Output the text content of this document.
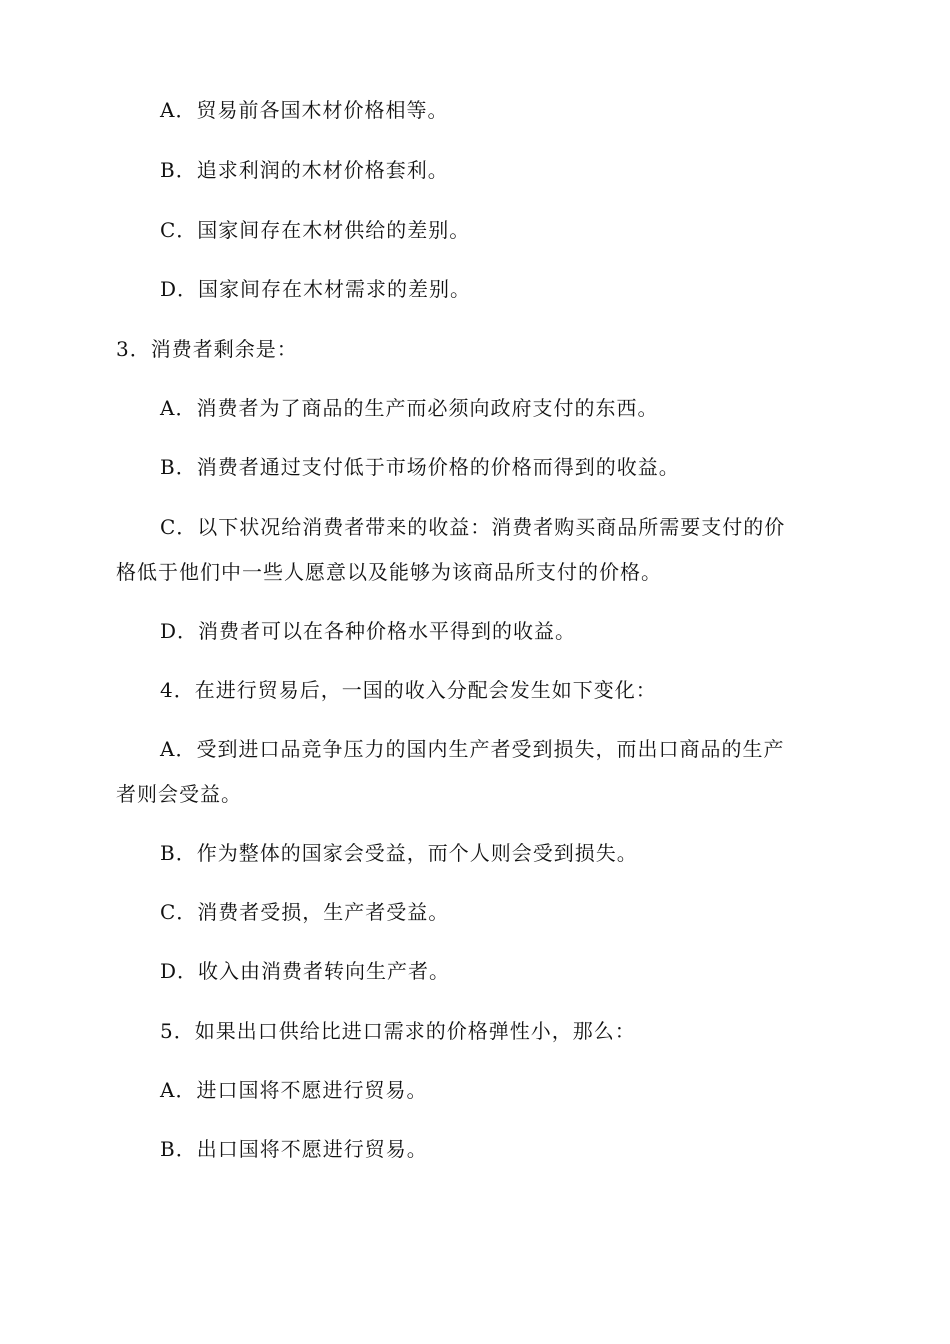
A．贸易前各国木材价格相等。
B．追求利润的木材价格套利。
C．国家间存在木材供给的差别。
D．国家间存在木材需求的差别。
3．消费者剩余是：
A．消费者为了商品的生产而必须向政府支付的东西。
B．消费者通过支付低于市场价格的价格而得到的收益。
C．以下状况给消费者带来的收益：消费者购买商品所需要支付的价
格低于他们中一些人愿意以及能够为该商品所支付的价格。
D．消费者可以在各种价格水平得到的收益。
4．在进行贸易后，一国的收入分配会发生如下变化：
A．受到进口品竞争压力的国内生产者受到损失，而出口商品的生产
者则会受益。
B．作为整体的国家会受益，而个人则会受到损失。
C．消费者受损，生产者受益。
D．收入由消费者转向生产者。
5．如果出口供给比进口需求的价格弹性小，那么：
A．进口国将不愿进行贸易。
B．出口国将不愿进行贸易。
